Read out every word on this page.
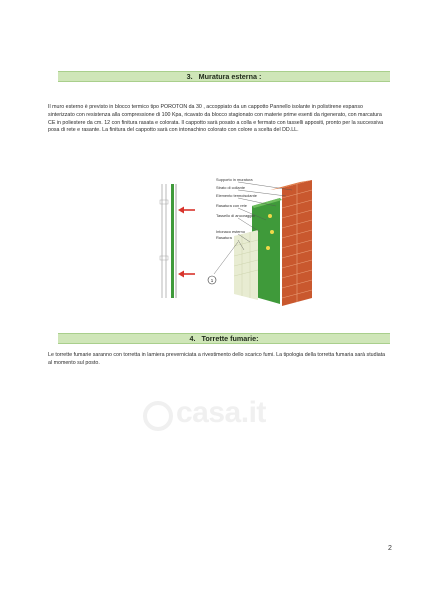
3. Muratura esterna :
Il muro esterno è previsto in blocco termico tipo POROTON da 30 , accoppiato da un cappotto Pannello isolante in polistirene espanso sinterizzato con resistenza alla compressione di 100 Kpa, ricavato da blocco stagionato con materie prime esenti da rigenerato, con marcatura CE in poliestere da cm. 12 con finitura rasata e colorata. Il cappotto sarà posato a colla e fermato con tasselli appositi, pronto per la successiva posa di rete e rasante. La finitura del cappotto sarà con intonachino colorato con colore a scelta del DD.LL.
1
Supporto in muratura
Strato di collante
Elemento termoisolante
Rasatura con rete
Tassello di ancoraggio
Intonaco esterno
Rasatura
4. Torrette fumarie:
Le torrette fumarie saranno con torretta in lamiera preverniciata a rivestimento dello scarico fumi. La tipologia della torretta fumaria sarà studiata al momento sul posto.
casa.it
2
